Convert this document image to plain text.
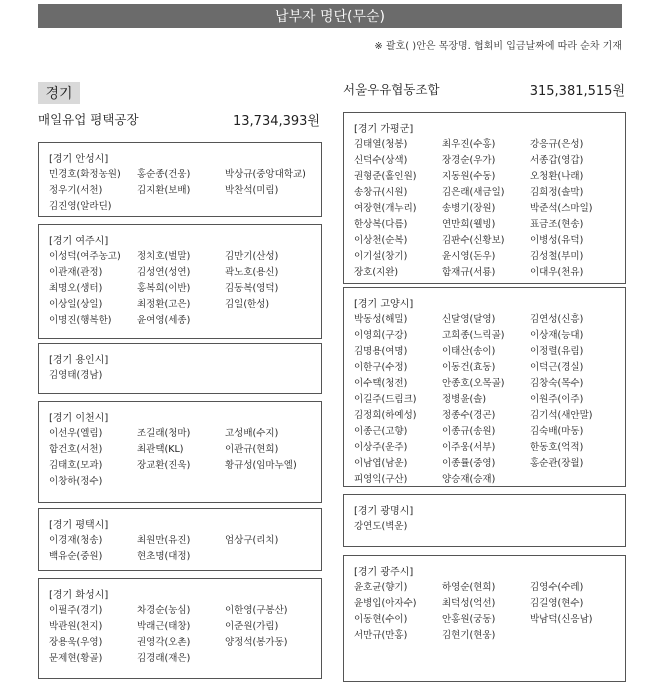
납부자 명단(무순)
※ 괄호( )안은 목장명. 협회비 입금날짜에 따라 순차 기재
경기
매일유업 평택공장	13,734,393원
[경기 안성시]
민경호(화정농원)	홍순종(건웅)	박상규(중앙대학교)
정우기(서천)	김지환(보배)	박찬석(미림)
김진영(알라딘)
[경기 여주시]
이성덕(여주농고)	정치호(벌말)	김만기(산성)
이관재(관정)	김성연(성연)	곽노호(용신)
최명오(생터)	홍복희(이반)	김동복(영덕)
이상일(상일)	최정환(고은)	김일(한성)
이명진(행복한)	윤여영(세종)
[경기 용인시]
김영태(경남)
[경기 이천시]
이선우(엘림)	조길래(청마)	고성배(수지)
함건호(서천)	최관택(KL)	이관규(현희)
김태호(모과)	장교환(진욱)	황규성(임마누엘)
이창하(정수)
[경기 평택시]
이경재(청송)	최원만(유진)	엄상구(리치)
백유순(중원)	현초명(대정)
[경기 화성시]
이필주(경기)	차경순(농심)	이한영(구봉산)
박관원(천지)	박래근(태창)	이준원(가림)
장용욱(우영)	권영각(오촌)	양정석(봉가동)
문제현(황골)	김경래(재은)
서울우유협동조합	315,381,515원
[경기 가평군]
김태열(청봉)	최우진(수홍)	강응규(은성)
신덕수(상색)	장경순(우가)	서종갑(영갑)
권형준(홀인원)	지동원(수동)	오청환(나래)
송창규(시원)	김은래(새금일)	김희정(솔막)
여장현(개누리)	송병기(장원)	박준석(스마일)
한상복(다름)	연만희(웰빙)	표금조(현송)
이상천(순복)	김판수(신황보)	이병성(유덕)
이기설(창기)	윤시영(돈우)	김성철(부미)
장호(지완)	함재규(서룡)	이대우(천유)
[경기 고양시]
박동성(해밀)	신달영(달영)	김연성(신흥)
이영희(구강)	고희종(느릭골)	이상재(능대)
김명용(여명)	이태산(송이)	이정렬(유림)
이한구(수정)	이동건(효동)	이덕근(경실)
이수택(청전)	안종호(오목골)	김창숙(목수)
이길주(드림크)	정병윤(솔)	이원주(이주)
김정희(하예성)	정종수(경곤)	김기석(새안말)
이종근(고향)	이종규(송원)	김숙배(마동)
이상주(운주)	이주웅(서부)	한동호(억적)
이남엽(남운)	이종률(중영)	홍순관(장월)
피영익(구산)	양승재(승재)
[경기 광명시]
강연도(벽운)
[경기 광주시]
윤호균(향기)	하영순(현희)	김영수(수레)
윤병입(아자수)	최덕성(억선)	김길영(현수)
이동현(수이)	안홍원(궁동)	박남덕(신응남)
서만규(만홍)	김현기(현웅)
